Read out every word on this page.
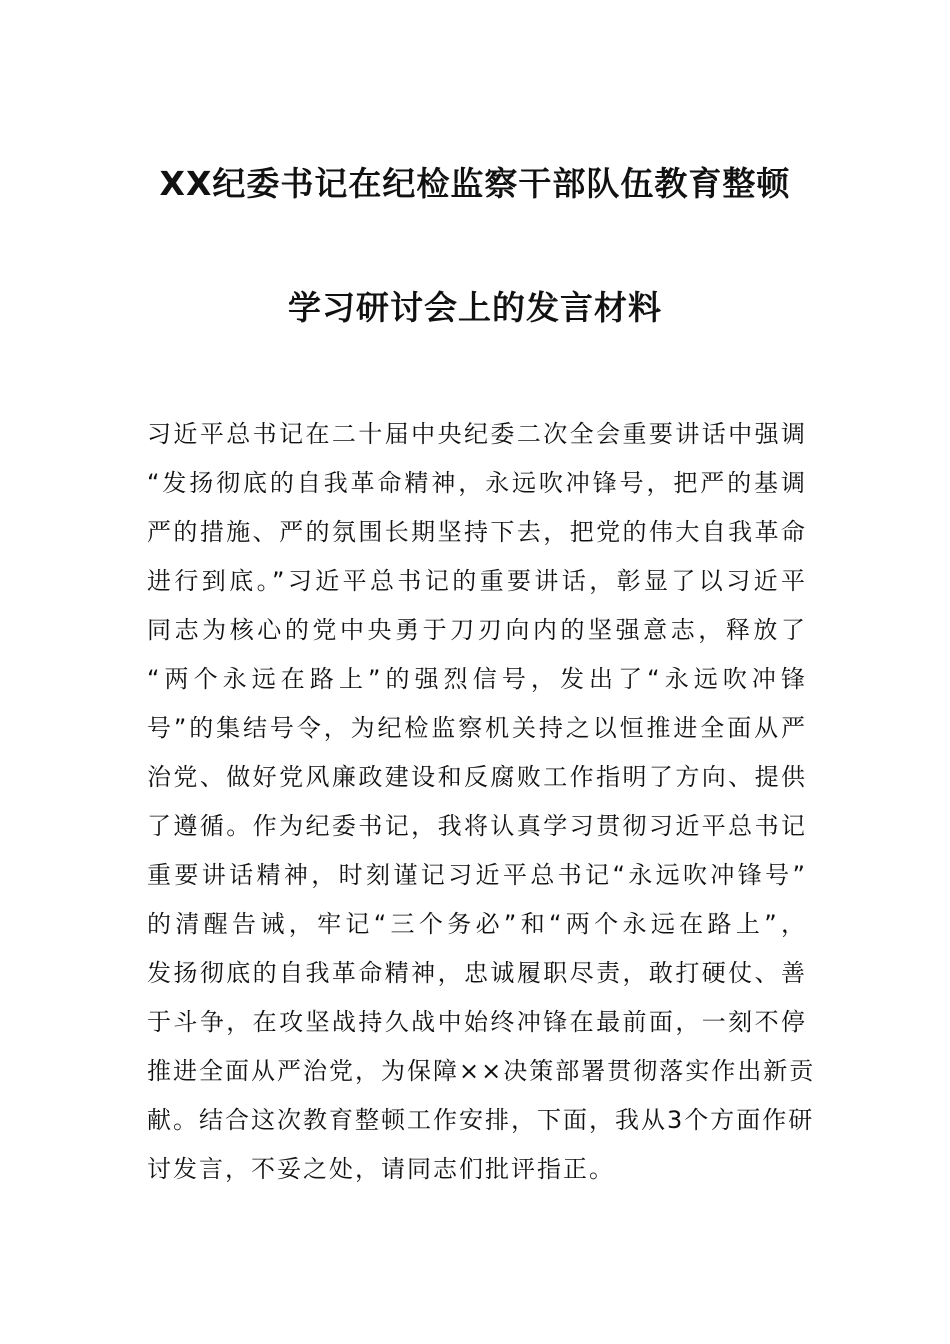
XX纪委书记在纪检监察干部队伍教育整顿
学习研讨会上的发言材料
习近平总书记在二十届中央纪委二次全会重要讲话中强调
“发扬彻底的自我革命精神，永远吹冲锋号，把严的基调
严的措施、严的氛围长期坚持下去，把党的伟大自我革命
进行到底。”习近平总书记的重要讲话，彰显了以习近平
同志为核心的党中央勇于刀刃向内的坚强意志，释放了
“两个永远在路上”的强烈信号，发出了“永远吹冲锋
号”的集结号令，为纪检监察机关持之以恒推进全面从严
治党、做好党风廉政建设和反腐败工作指明了方向、提供
了遵循。作为纪委书记，我将认真学习贯彻习近平总书记
重要讲话精神，时刻谨记习近平总书记“永远吹冲锋号”
的清醒告诫，牢记“三个务必”和“两个永远在路上”，
发扬彻底的自我革命精神，忠诚履职尽责，敢打硬仗、善
于斗争，在攻坚战持久战中始终冲锋在最前面，一刻不停
推进全面从严治党，为保障××决策部署贯彻落实作出新贡
献。结合这次教育整顿工作安排，下面，我从3个方面作研
讨发言，不妥之处，请同志们批评指正。
